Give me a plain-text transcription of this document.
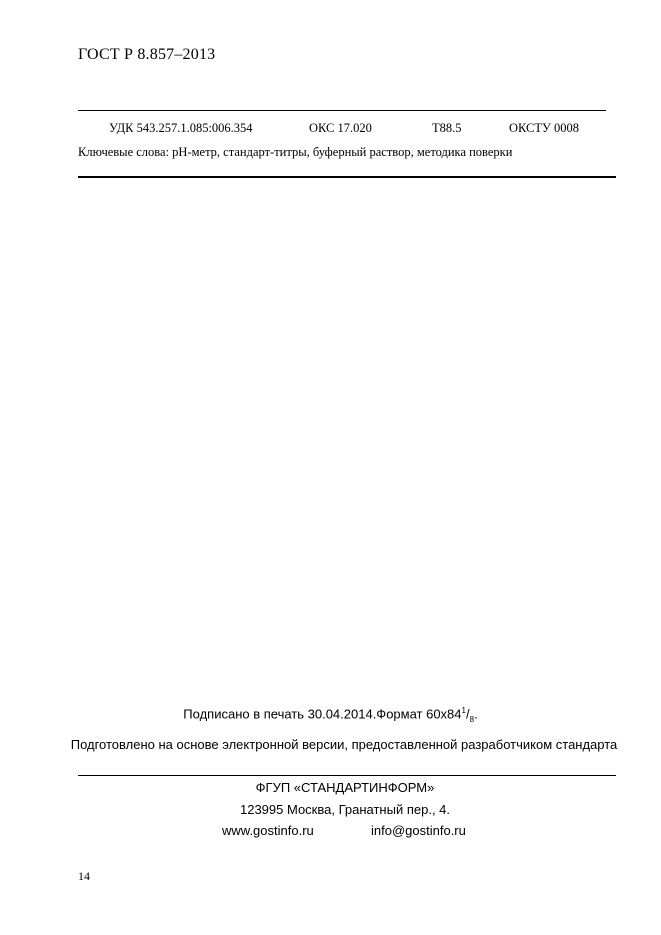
ГОСТ Р 8.857–2013
УДК 543.257.1.085:006.354	ОКС 17.020	Т88.5	ОКСТУ 0008
Ключевые слова: рН-метр, стандарт-титры, буферный раствор, методика поверки
Подписано в печать 30.04.2014.Формат $60х84^1/_8$.
Подготовлено на основе электронной версии, предоставленной разработчиком стандарта
ФГУП «СТАНДАРТИНФОРМ»
123995 Москва, Гранатный пер., 4.
www.gostinfo.ru	info@gostinfo.ru
14
